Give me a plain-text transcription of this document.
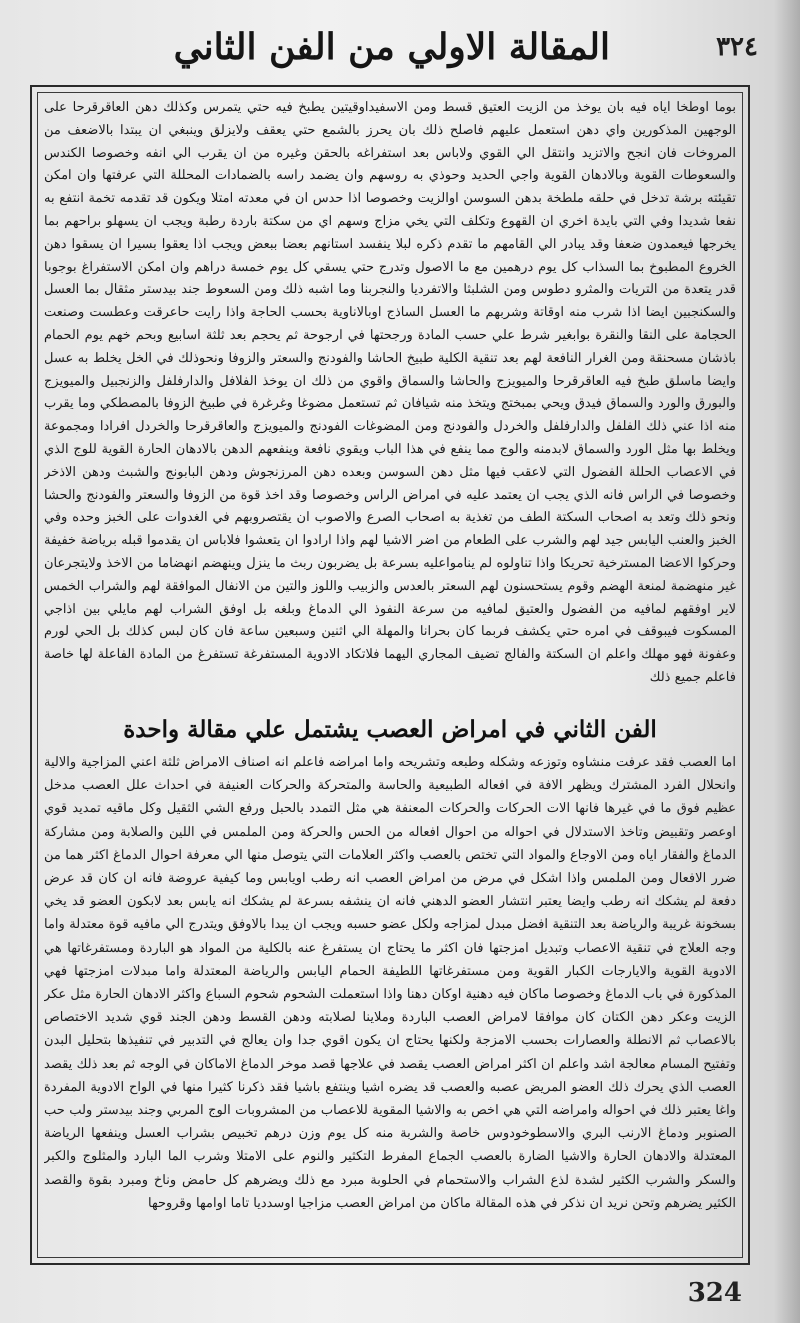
المقالة الاولي من الفن الثاني	٣٢٤
بوما اوطخا اياه فيه بان يوخذ من الزيت العتيق قسط ومن الاسفيداوقيتين يطبخ فيه حتي يتمرس وكذلك دهن العاقرقرحا على الوجهين المذكورين واي دهن استعمل عليهم فاصلح ذلك بان يحرز بالشمع حتي يعقف ولايزلق وينبغي ان يبتدا بالاضعف من المروخات فان انجح والاتزيد وانتقل الي القوي ولاباس بعد استفراغه بالحقن وغيره من ان يقرب الي انفه وخصوصا الكندس والسعوطات القوية وبالادهان القوية واجي الحديد وحوذي به روسهم وان يضمد راسه بالضمادات المحللة التي عرفتها وان امكن تقيئته برشة تدخل في حلقه ملطخة بدهن السوسن اوالزيت وخصوصا اذا حدس ان في معدته امتلا ويكون قد تقدمه تخمة انتفع به نفعا شديدا وفي التي بايدة اخري ان القهوع وتكلف التي يخي مزاج وسهم اي من سكتة باردة رطبة ويجب ان يسهلو براحهم بما يخرجها فيعمدون ضعفا وقد يبادر الي القامهم ما تقدم ذكره لبلا ينفسد استانهم بعضا ببعض ويجب اذا يعقوا بسيرا ان يسقوا دهن الخروع المطبوخ بما السذاب كل يوم درهمين مع ما الاصول وتدرج حتي يسقي كل يوم خمسة دراهم وان امكن الاستفراغ بوجوبا قدر يتعدة من التريات والمثرو دطوس ومن الشلبثا والاتفرديا والنجربنا وما اشبه ذلك ومن السعوط جند بيدستر مثقال بما العسل والسكنجبين ايضا اذا شرب منه اوقاتة وشربهم ما العسل الساذج اوبالاناوية بحسب الحاجة واذا رايت حاعرقت وعطست وصنعت الحجامة على النقا والنقرة بوابغير شرط علي حسب المادة ورجحتها في ارجوحة ثم يحجم بعد ثلثة اسابيع وبحم خهم يوم الحمام باذشان مسحنقة ومن الغرار النافعة لهم بعد تنقية الكلية طبيخ الحاشا والفودنج والسعتر والزوفا ونحوذلك في الخل يخلط به عسل وايضا ماسلق طبخ فيه العاقرقرحا والميويزج والحاشا والسماق واقوي من ذلك ان يوخذ الفلافل والدارفلفل والزنجبيل والميويزج والبورق والورد والسماق فيدق ويحي بمبختج ويتخذ منه شيافان ثم تستعمل مضوغا وغرغرة في طبيخ الزوفا بالمصطكي وما يقرب منه اذا عني ذلك الفلفل والدارفلفل والخردل والفودنج ومن المضوغات الفودنج والميويزج والعاقرقرحا والخردل افرادا ومجموعة ويخلط بها مثل الورد والسماق لابدمنه والوج مما ينفع في هذا الباب ويقوي نافعة وينفعهم الدهن بالادهان الحارة القوية للوج الذي في الاعصاب الحللة الفضول التي لاعقب فيها مثل دهن السوسن وبعده دهن المرزنجوش ودهن البابونج والشبث ودهن الاذخر وخصوصا في الراس فانه الذي يجب ان يعتمد عليه في امراض الراس وخصوصا وقد اخذ قوة من الزوفا والسعتر والفودنج والحشا ونحو ذلك وتعد به اصحاب السكتة الطف من تغذية به اصحاب الصرع والاصوب ان يقتصروبهم في الغدوات على الخبز وحده وفي الخبز والعنب اليابس جيد لهم والشرب على الطعام من اضر الاشيا لهم واذا ارادوا ان يتعشوا فلاباس ان يقدموا قبله برياضة خفيفة وحركوا الاعضا المسترخية تحريكا واذا تناولوه لم ينامواعليه بسرعة بل يضربون ربث ما ينزل وينهضم انهضاما من الاخذ ولايتجرعان غير منهضمة لمنعة الهضم وقوم يستحسنون لهم السعتر بالعدس والزبيب واللوز والتين من الانفال الموافقة لهم والشراب الخمس لاير اوفقهم لمافيه من الفضول والعتيق لمافيه من سرعة النفوذ الي الدماغ وبلغه بل اوفق الشراب لهم مايلي بين اذاجي المسكوت فيبوقف في امره حتي يكشف فربما كان بحرانا والمهلة الي اثنين وسبعين ساعة فان كان لبس كذلك بل الحي لورم وعفونة فهو مهلك واعلم ان السكتة والفالج تضيف المجاري اليهما فلاتكاد الادوية المستفرغة تستفرغ من المادة الفاعلة لها خاصة فاعلم جميع ذلك
الفن الثاني في امراض العصب يشتمل علي مقالة واحدة
اما العصب فقد عرفت منشاوه وتوزعه وشكله وطبعه وتشريحه واما امراضه فاعلم انه اصناف الامراض ثلثة اعني المزاجية والالية وانحلال الفرد المشترك ويظهر الافة في افعاله الطبيعية والحاسة والمتحركة والحركات العنيفة في احداث علل العصب مدخل عظيم فوق ما في غيرها فانها الات الحركات والحركات المعنفة هي مثل التمدد بالحبل ورفع الشي الثقيل وكل ماقيه تمديد قوي اوعصر وتقبيض وتاخذ الاستدلال في احواله من احوال افعاله من الحس والحركة ومن الملمس في اللين والصلابة ومن مشاركة الدماغ والفقار اياه ومن الاوجاع والمواد التي تختص بالعصب واكثر العلامات التي يتوصل منها الي معرفة احوال الدماغ اكثر هما من ضرر الافعال ومن الملمس واذا اشكل في مرض من امراض العصب انه رطب اويابس وما كيفية عروضة فانه ان كان قد عرض دفعة لم يشكك انه رطب وايضا يعتبر انتشار العضو الدهني فانه ان ينشفه بسرعة لم يشكك انه يابس بعد لابكون العضو قد يخي بسخونة غريبة والرياضة بعد التنقية افضل مبدل لمزاجه ولكل عضو حسبه ويجب ان يبدا بالاوفق ويتدرج الي مافيه قوة معتدلة واما وجه العلاج في تنقية الاعصاب وتبديل امزجتها فان اكثر ما يحتاج ان يستفرغ عنه بالكلية من المواد هو الباردة ومستفرغاتها هي الادوية القوية والايارجات الكبار القوية ومن مستفرغاتها اللطيفة الحمام اليابس والرياضة المعتدلة واما مبدلات امزجتها فهي المذكورة في باب الدماغ وخصوصا ماكان فيه دهنية اوكان دهنا واذا استعملت الشحوم شحوم السباع واكثر الادهان الحارة مثل عكر الزيت وعكر دهن الكتان كان موافقا لامراض العصب الباردة وملاينا لصلابته ودهن القسط ودهن الجند قوي شديد الاختصاص بالاعصاب ثم الانطلة والعصارات بحسب الامزجة ولكنها يحتاج ان يكون اقوي جدا وان يعالج في التدبير في تنفيذها بتحليل البدن وتفتيح المسام معالجة اشد واعلم ان اكثر امراض العصب يقصد في علاجها قصد موخر الدماغ الاماكان في الوجه ثم بعد ذلك يقصد العصب الذي يحرك ذلك العضو المريض عصبه والعصب قد يضره اشيا وينتفع باشيا فقد ذكرنا كثيرا منها في الواح الادوية المفردة واغا يعتبر ذلك في احواله وامراضه التي هي اخص به والاشيا المقوية للاعصاب من المشروبات الوج المربي وجند بيدستر ولب حب الصنوبر ودماغ الارنب البري والاسطوخودوس خاصة والشربة منه كل يوم وزن درهم تخبيص بشراب العسل وينفعها الرياضة المعتدلة والادهان الحارة والاشيا الضارة بالعصب الجماع المفرط التكثير والنوم على الامتلا وشرب الما البارد والمثلوج والكبر والسكر والشرب الكثير لشدة لذع الشراب والاستحمام في الحلوبة مبرد مع ذلك ويضرهم كل حامض وناخ ومبرد بقوة والقصد الكثير يضرهم وتحن نريد ان نذكر في هذه المقالة ماكان من امراض العصب مزاجيا اوسدديا تاما اوامها وقروحها
324
